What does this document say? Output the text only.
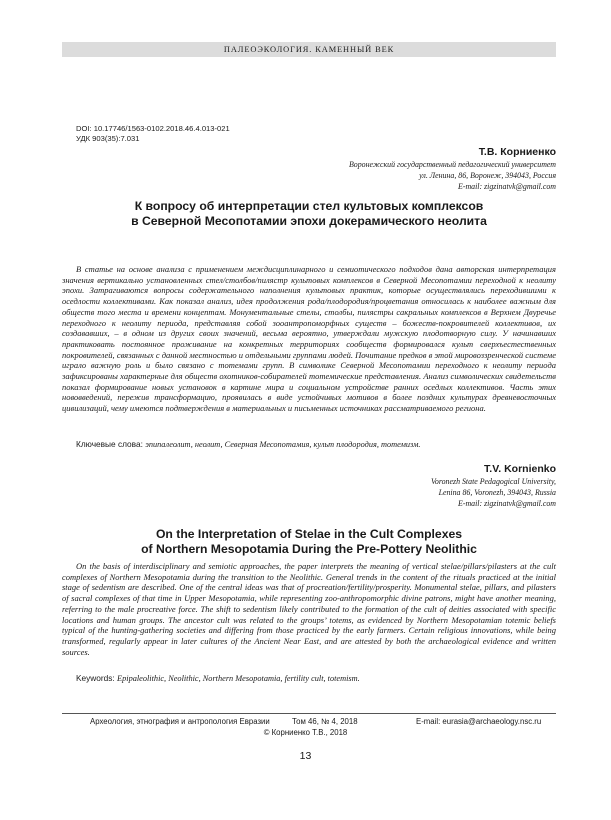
ПАЛЕОЭКОЛОГИЯ. КАМЕННЫЙ ВЕК
DOI: 10.17746/1563-0102.2018.46.4.013-021
УДК 903(35):7.031
Т.В. Корниенко
Воронежский государственный педагогический университет
ул. Ленина, 86, Воронеж, 394043, Россия
E-mail: zigzinatvk@gmail.com
К вопросу об интерпретации стел культовых комплексов
в Северной Месопотамии эпохи докерамического неолита

В статье на основе анализа с применением междисциплинарного и семиотического подходов дана авторская интерпретация значения вертикально установленных стел/столбов/пилястр культовых комплексов в Северной Месопотамии переходной к неолиту эпохи. Затрагиваются вопросы содержательного наполнения культовых практик, которые осуществлялись переходившими к оседлости коллективами. Как показал анализ, идея продолжения рода/плодородия/процветания относилась к наиболее важным для обществ того места и времени концептам. Монументальные стелы, столбы, пилястры сакральных комплексов в Верхнем Двуречье переходного к неолиту периода, представляя собой зооантропоморфных существ – божеств-покровителей коллективов, их создававших, – в одном из других своих значений, весьма вероятно, утверждали мужскую плодотворную силу. У начинавших практиковать постоянное проживание на конкретных территориях сообществ формировался культ сверхъестественных покровителей, связанных с данной местностью и отдельными группами людей. Почитание предков в этой мировоззренческой системе играло важную роль и было связано с тотемами групп. В символике Северной Месопотамии переходного к неолиту периода зафиксированы характерные для обществ охотников-собирателей тотемические представления. Анализ символических свидетельств показал формирование новых установок в картине мира и социальном устройстве ранних оседлых коллективов. Часть этих нововведений, пережив трансформацию, проявилась в виде устойчивых мотивов в более поздних культурах древневосточных цивилизаций, чему имеются подтверждения в материальных и письменных источниках рассматриваемого региона.

Ключевые слова: эпипалеолит, неолит, Северная Месопотамия, культ плодородия, тотемизм.
T.V. Kornienko
Voronezh State Pedagogical University,
Lenina 86, Voronezh, 394043, Russia
E-mail: zigzinatvk@gmail.com
On the Interpretation of Stelae in the Cult Complexes
of Northern Mesopotamia During the Pre-Pottery Neolithic

On the basis of interdisciplinary and semiotic approaches, the paper interprets the meaning of vertical stelae/pillars/pilasters at the cult complexes of Northern Mesopotamia during the transition to the Neolithic. General trends in the content of the rituals practiced at the initial stage of sedentism are described. One of the central ideas was that of procreation/fertility/prosperity. Monumental stelae, pillars, and pilasters of sacral complexes of that time in Upper Mesopotamia, while representing zoo-anthropomorphic divine patrons, might have another meaning, referring to the male procreative force. The shift to sedentism likely contributed to the formation of the cult of deities associated with specific locations and human groups. The ancestor cult was related to the groups’ totems, as evidenced by Northern Mesopotamian totemic beliefs typical of the hunting-gathering societies and differing from those practiced by the early farmers. Certain religious innovations, while being transformed, regularly appear in later cultures of the Ancient Near East, and are attested by both the archaeological evidence and written sources.

Keywords: Epipaleolithic, Neolithic, Northern Mesopotamia, fertility cult, totemism.
Археология, этнография и антропология Евразии	Том 46, № 4, 2018	E-mail: eurasia@archaeology.nsc.ru
© Корниенко Т.В., 2018
13
